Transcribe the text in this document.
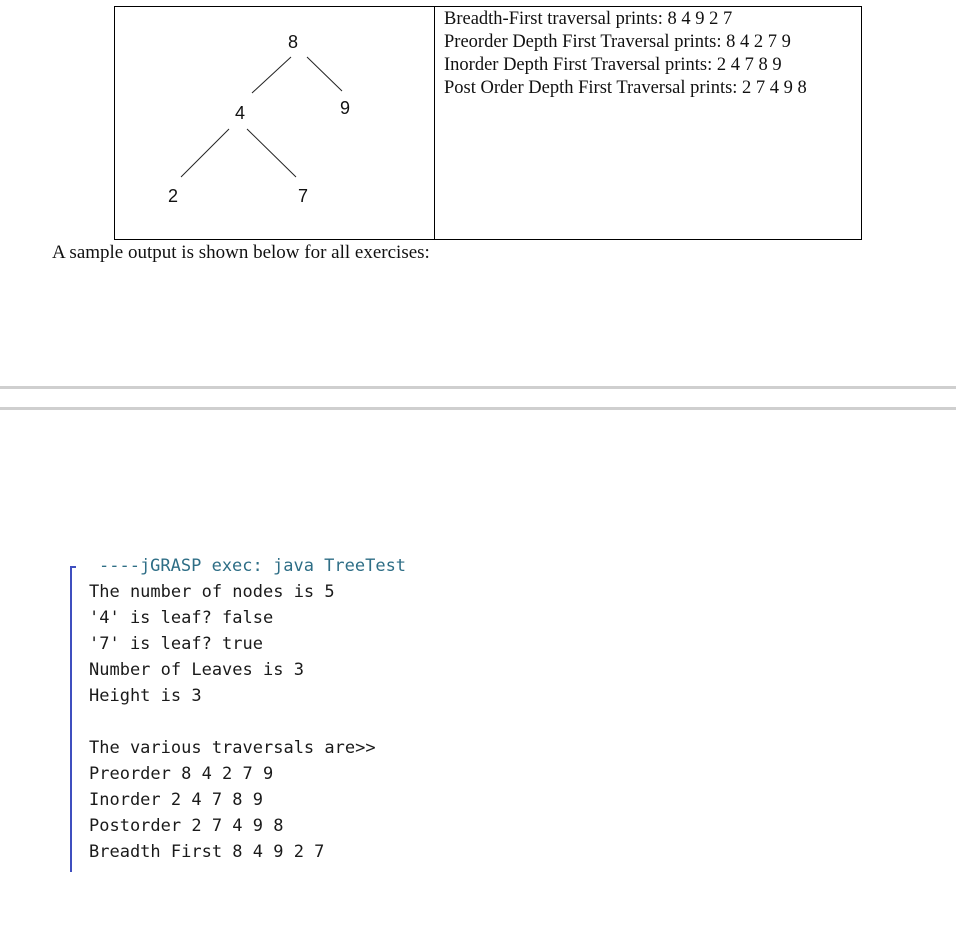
8
4	9
2	7
Breadth-First traversal prints: 8 4 9 2 7
Preorder Depth First Traversal prints: 8 4 2 7 9
Inorder Depth First Traversal prints: 2 4 7 8 9
Post Order Depth First Traversal prints: 2 7 4 9 8
A sample output is shown below for all exercises:
----jGRASP exec: java TreeTest
The number of nodes is 5
'4' is leaf? false
'7' is leaf? true
Number of Leaves is 3
Height is 3
The various traversals are>>
Preorder 8 4 2 7 9
Inorder 2 4 7 8 9
Postorder 2 7 4 9 8
Breadth First 8 4 9 2 7
